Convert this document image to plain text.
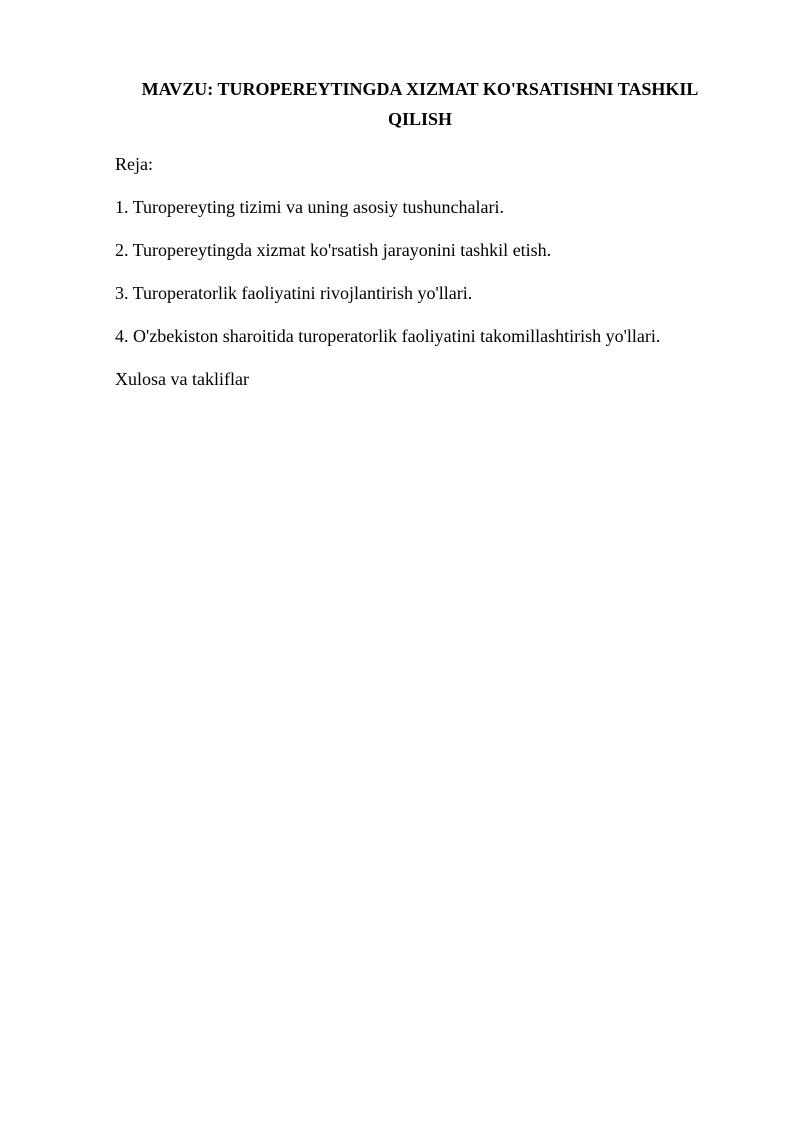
MAVZU: TUROPEREYTINGDA XIZMAT KO'RSATISHNI TASHKIL QILISH
Reja:
1. Turopereyting tizimi va uning asosiy tushunchalari.
2. Turopereytingda xizmat ko'rsatish jarayonini tashkil etish.
3. Turoperatorlik faoliyatini rivojlantirish yo'llari.
4. O'zbekiston sharoitida turoperatorlik faoliyatini takomillashtirish yo'llari.
Xulosa va takliflar
